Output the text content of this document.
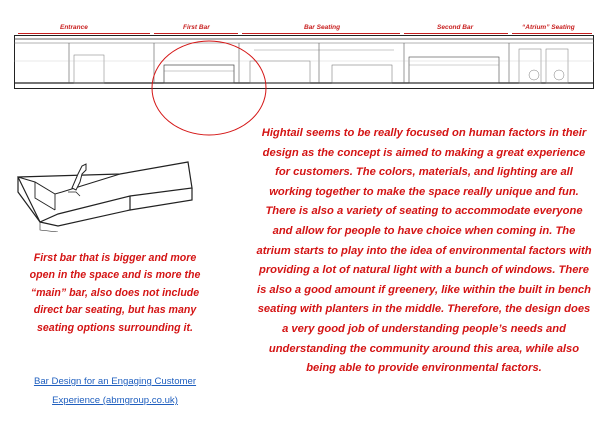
Entrance	First Bar	Bar Seating	Second Bar	“Atrium” Seating
First bar that is bigger and more open in the space and is more the “main” bar, also does not include direct bar seating, but has many seating options surrounding it.
Bar Design for an Engaging Customer
Experience (abmgroup.co.uk)
Hightail seems to be really focused on human factors in their design as the concept is aimed to making a great experience for customers. The colors, materials, and lighting are all working together to make the space really unique and fun. There is also a variety of seating to accommodate everyone and allow for people to have choice when coming in. The atrium starts to play into the idea of environmental factors with providing a lot of natural light with a bunch of windows. There is also a good amount if greenery, like within the built in bench seating with planters in the middle. Therefore, the design does a very good job of understanding people’s needs and understanding the community around this area, while also being able to provide environmental factors.
